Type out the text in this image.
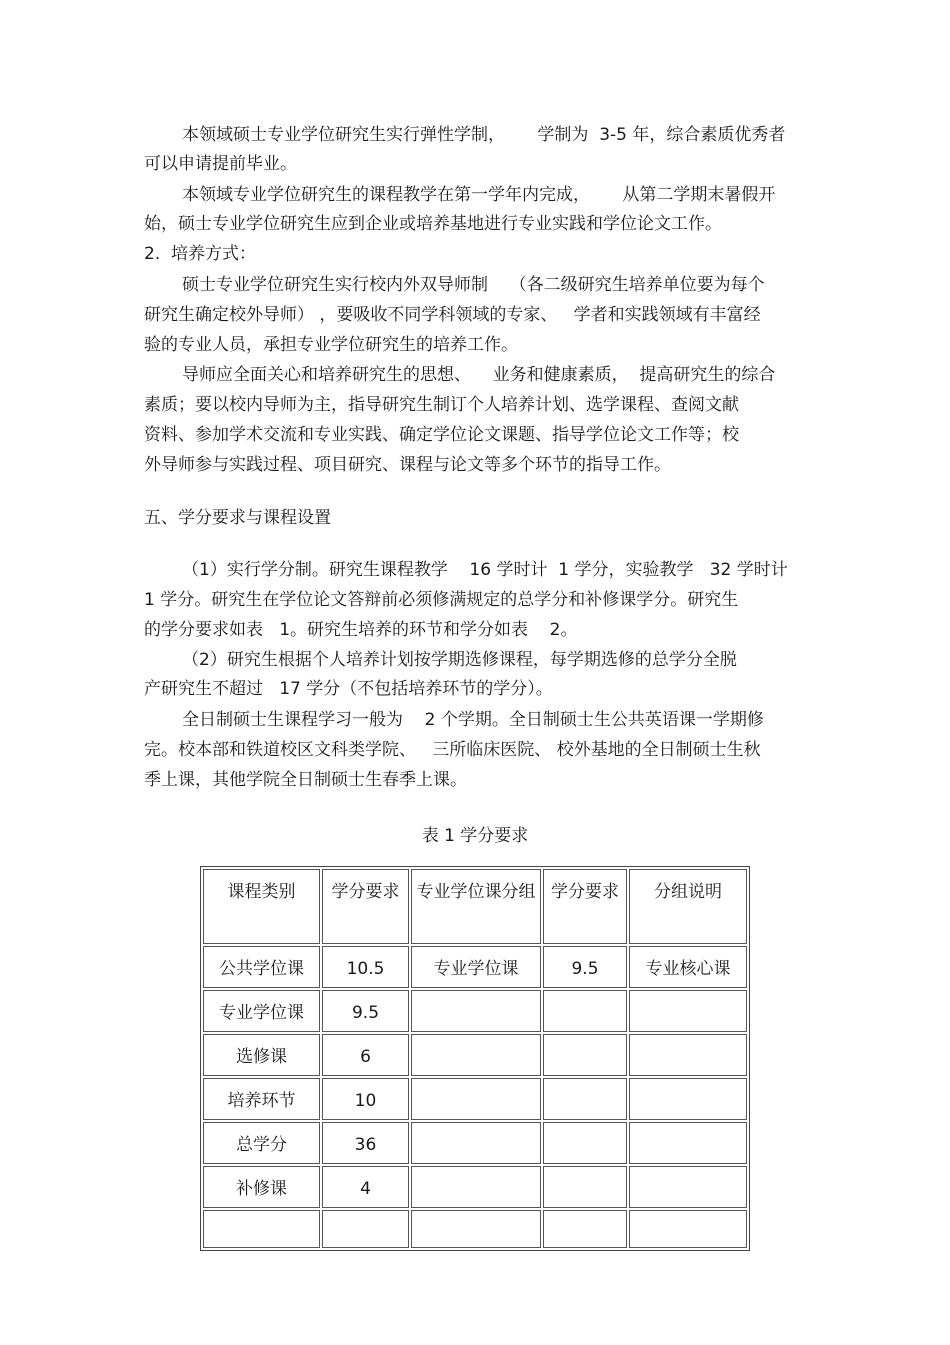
本领域硕士专业学位研究生实行弹性学制，      学制为  3-5 年，综合素质优秀者
可以申请提前毕业。
本领域专业学位研究生的课程教学在第一学年内完成，      从第二学期末暑假开
始，硕士专业学位研究生应到企业或培养基地进行专业实践和学位论文工作。
2.  培养方式：
硕士专业学位研究生实行校内外双导师制    （各二级研究生培养单位要为每个
研究生确定校外导师） ，要吸收不同学科领域的专家、   学者和实践领域有丰富经
验的专业人员，承担专业学位研究生的培养工作。
导师应全面关心和培养研究生的思想、    业务和健康素质，  提高研究生的综合
素质；要以校内导师为主，指导研究生制订个人培养计划、选学课程、查阅文献
资料、参加学术交流和专业实践、确定学位论文课题、指导学位论文工作等；校
外导师参与实践过程、项目研究、课程与论文等多个环节的指导工作。
五、学分要求与课程设置
（1）实行学分制。研究生课程教学    16 学时计  1 学分，实验教学   32 学时计
1 学分。研究生在学位论文答辩前必须修满规定的总学分和补修课学分。研究生
的学分要求如表   1。研究生培养的环节和学分如表    2。
（2）研究生根据个人培养计划按学期选修课程，每学期选修的总学分全脱
产研究生不超过   17 学分（不包括培养环节的学分）。
全日制硕士生课程学习一般为    2 个学期。全日制硕士生公共英语课一学期修
完。校本部和铁道校区文科类学院、   三所临床医院、 校外基地的全日制硕士生秋
季上课，其他学院全日制硕士生春季上课。
表 1 学分要求
课程类别	学分要求	专业学位课分组	学分要求	分组说明
公共学位课	10.5	专业学位课	9.5	专业核心课
专业学位课	9.5			
选修课	6			
培养环节	10			
总学分	36			
补修课	4			
